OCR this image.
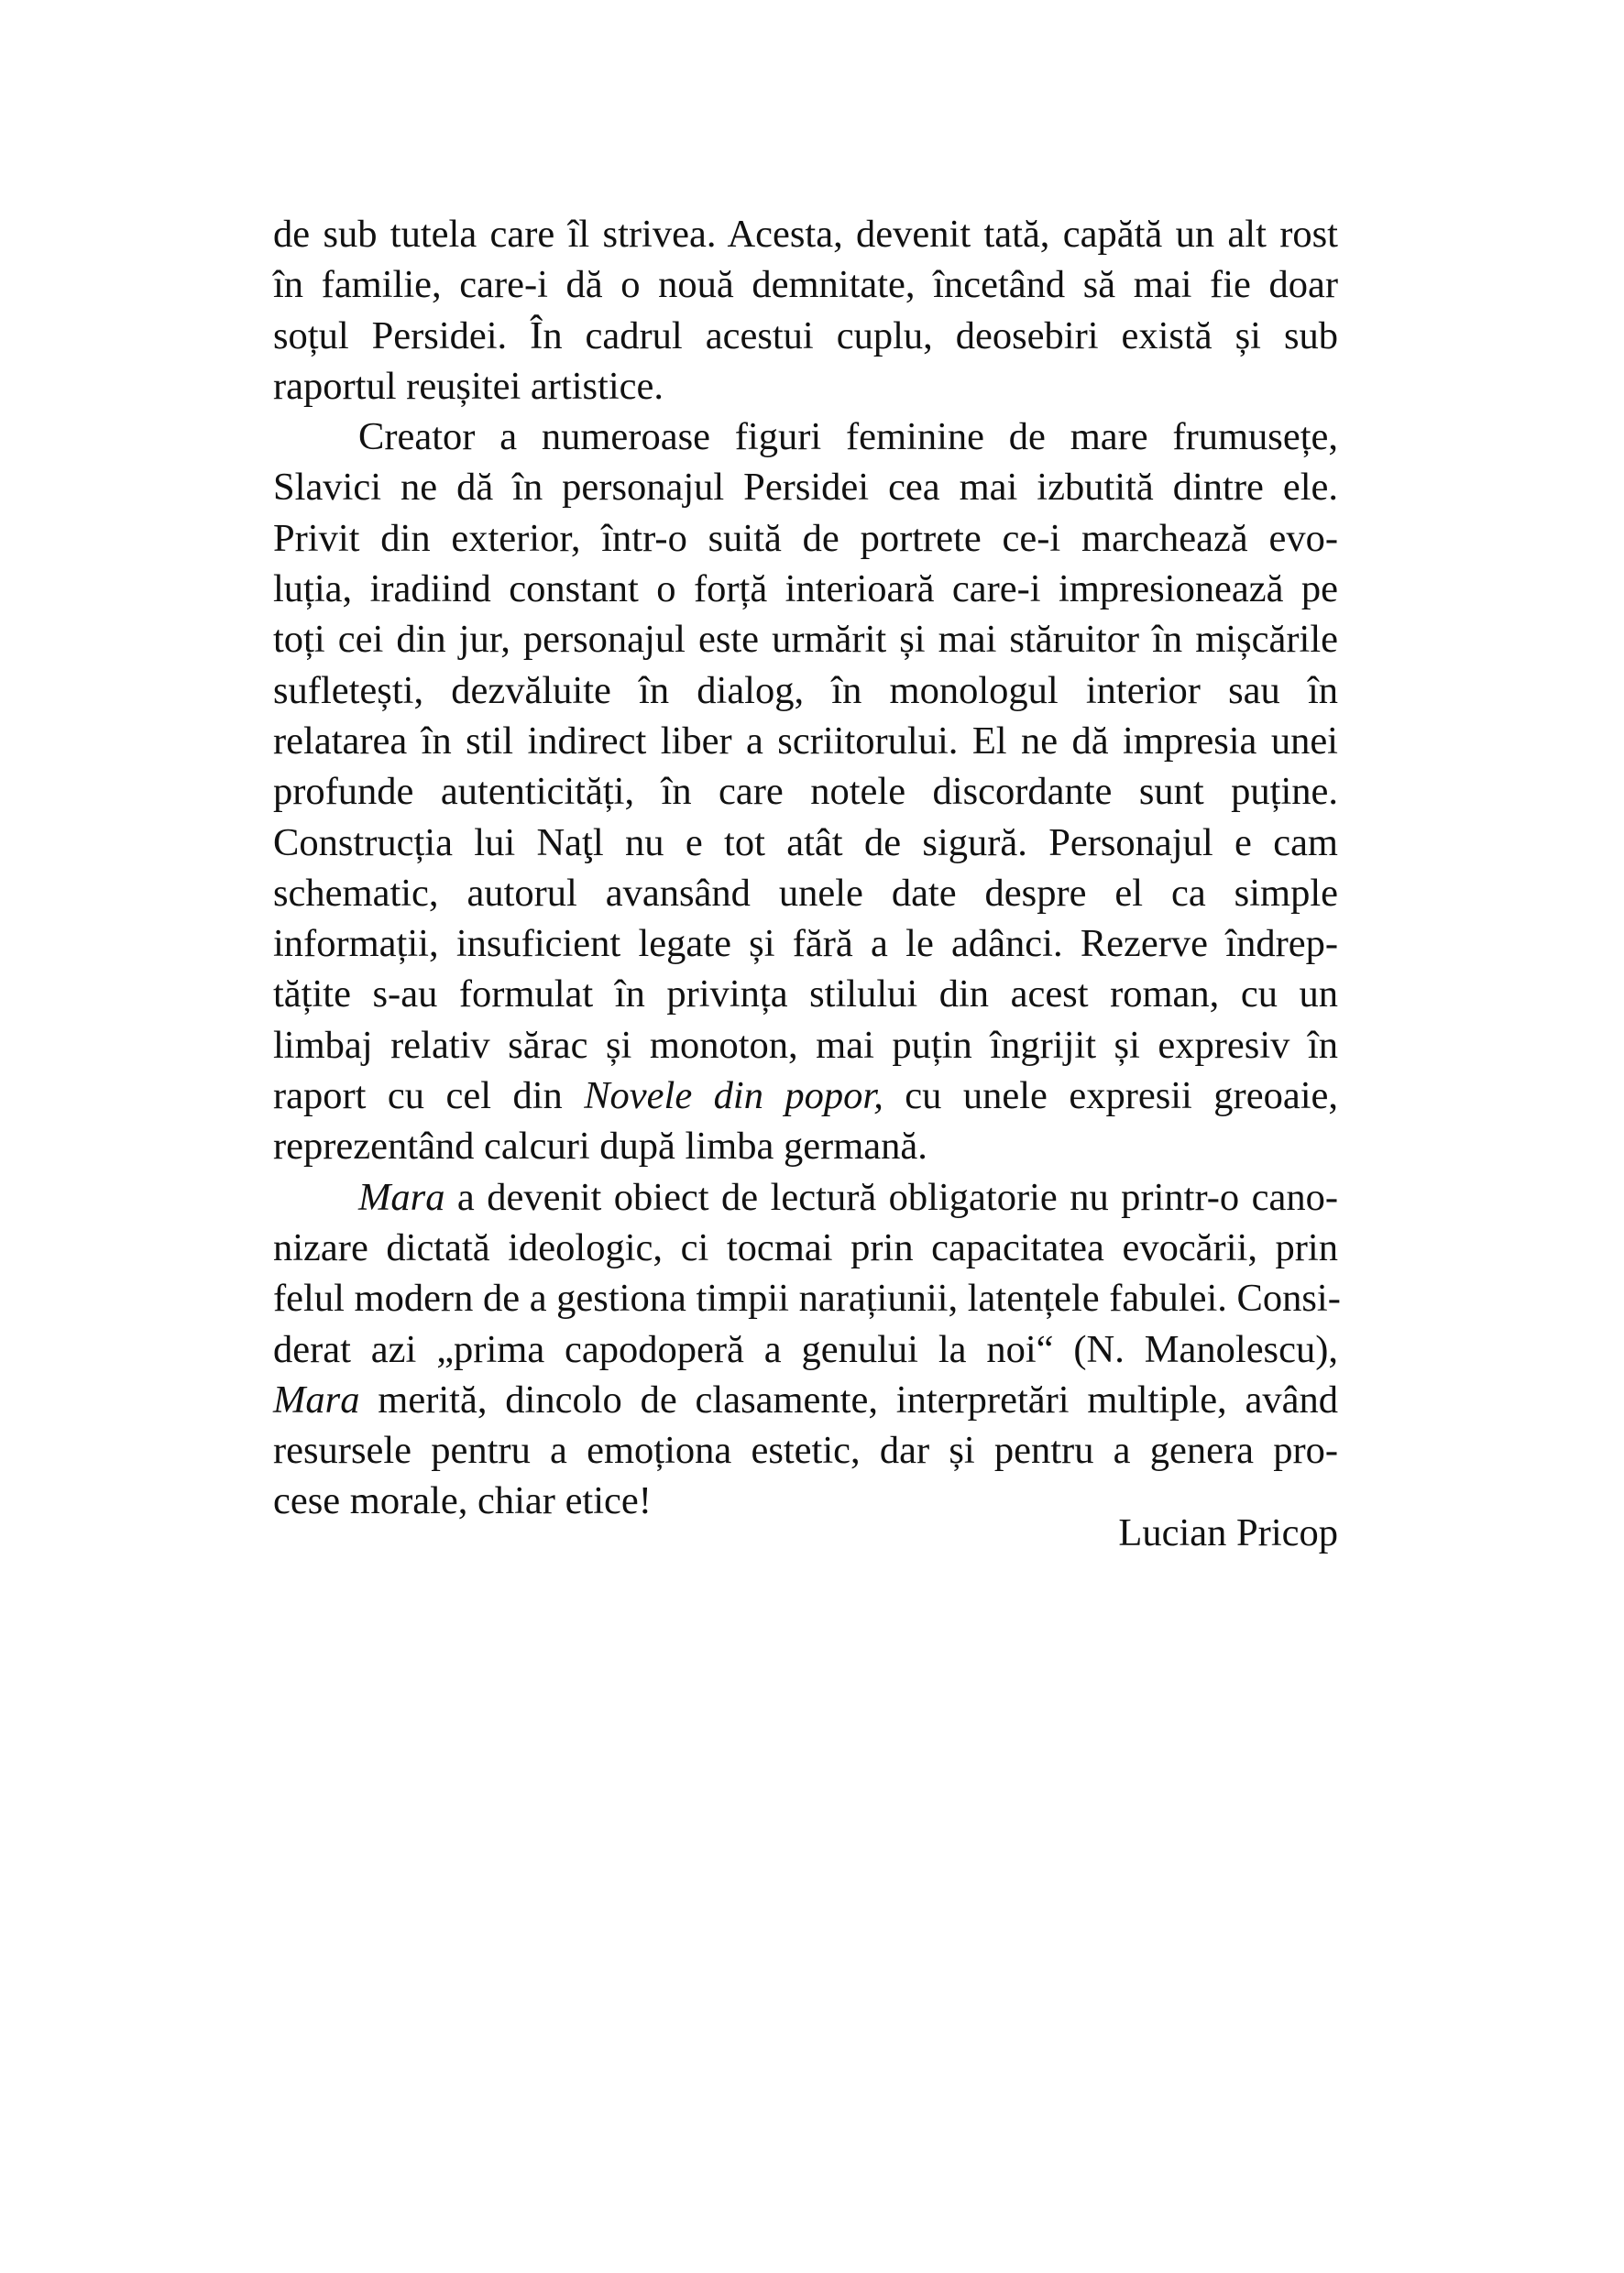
de sub tutela care îl strivea. Acesta, devenit tată, capătă un alt rost
în familie, care-i dă o nouă demnitate, încetând să mai fie doar
soțul Persidei. În cadrul acestui cuplu, deosebiri există și sub
raportul reușitei artistice.
Creator a numeroase figuri feminine de mare frumusețe,
Slavici ne dă în personajul Persidei cea mai izbutită dintre ele.
Privit din exterior, într-o suită de portrete ce-i marchează evo-
luția, iradiind constant o forță interioară care-i impresionează pe
toți cei din jur, personajul este urmărit și mai stăruitor în mișcările
sufletești, dezvăluite în dialog, în monologul interior sau în
relatarea în stil indirect liber a scriitorului. El ne dă impresia unei
profunde autenticități, în care notele discordante sunt puține.
Construcția lui Naţl nu e tot atât de sigură. Personajul e cam
schematic, autorul avansând unele date despre el ca simple
informații, insuficient legate și fără a le adânci. Rezerve îndrep-
tățite s-au formulat în privința stilului din acest roman, cu un
limbaj relativ sărac și monoton, mai puțin îngrijit și expresiv în
raport cu cel din Novele din popor, cu unele expresii greoaie,
reprezentând calcuri după limba germană.
Mara a devenit obiect de lectură obligatorie nu printr-o cano-
nizare dictată ideologic, ci tocmai prin capacitatea evocării, prin
felul modern de a gestiona timpii narațiunii, latențele fabulei. Consi-
derat azi „prima capodoperă a genului la noi“ (N. Manolescu),
Mara merită, dincolo de clasamente, interpretări multiple, având
resursele pentru a emoționa estetic, dar și pentru a genera pro-
cese morale, chiar etice!
Lucian Pricop
